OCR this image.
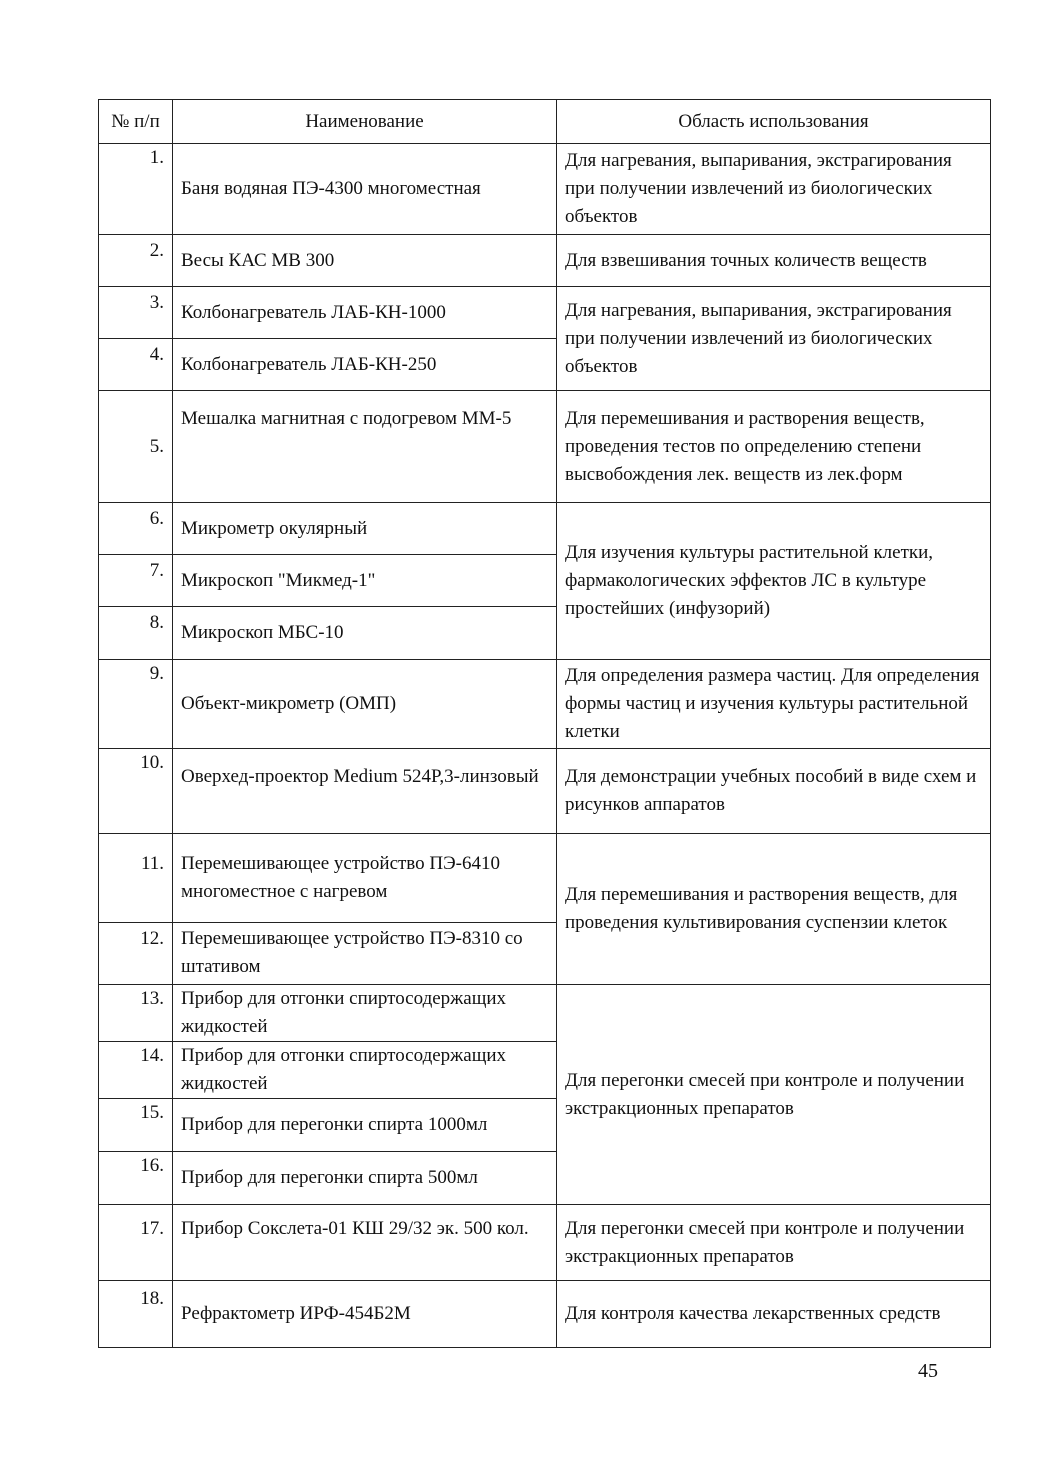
№ п/п	Наименование	Область использования
1.	Баня водяная ПЭ-4300 многоместная	Для нагревания, выпаривания, экстрагирования при получении извлечений из биологических объектов
2.	Весы КАС МВ 300	Для взвешивания точных количеств веществ
3.	Колбонагреватель ЛАБ-КН-1000	Для нагревания, выпаривания, экстрагирования при получении извлечений из биологических объектов
4.	Колбонагреватель ЛАБ-КН-250	
5.	Мешалка магнитная с подогревом ММ-5	Для перемешивания и растворения веществ, проведения тестов по определению степени высвобождения лек. веществ из лек.форм
6.	Микрометр окулярный	Для изучения культуры растительной клетки, фармакологических эффектов ЛС в культуре простейших (инфузорий)
7.	Микроскоп "Микмед-1"	
8.	Микроскоп МБС-10	
9.	Объект-микрометр (ОМП)	Для определения размера частиц. Для определения формы частиц и изучения культуры растительной клетки
10.	Оверхед-проектор Medium 524P,3-линзовый	Для демонстрации учебных пособий в виде схем и рисунков аппаратов
11.	Перемешивающее устройство ПЭ-6410 многоместное с нагревом	Для перемешивания и растворения веществ, для проведения культивирования суспензии клеток
12.	Перемешивающее устройство ПЭ-8310 со штативом	
13.	Прибор для отгонки спиртосодержащих жидкостей	Для перегонки смесей при контроле и получении экстракционных препаратов
14.	Прибор для отгонки спиртосодержащих жидкостей	
15.	Прибор для перегонки спирта 1000мл	
16.	Прибор для перегонки спирта 500мл	
17.	Прибор Сокслета-01 КШ 29/32 эк. 500 кол.	Для перегонки смесей при контроле и получении экстракционных препаратов
18.	Рефрактометр ИРФ-454Б2М	Для контроля качества лекарственных средств
45
